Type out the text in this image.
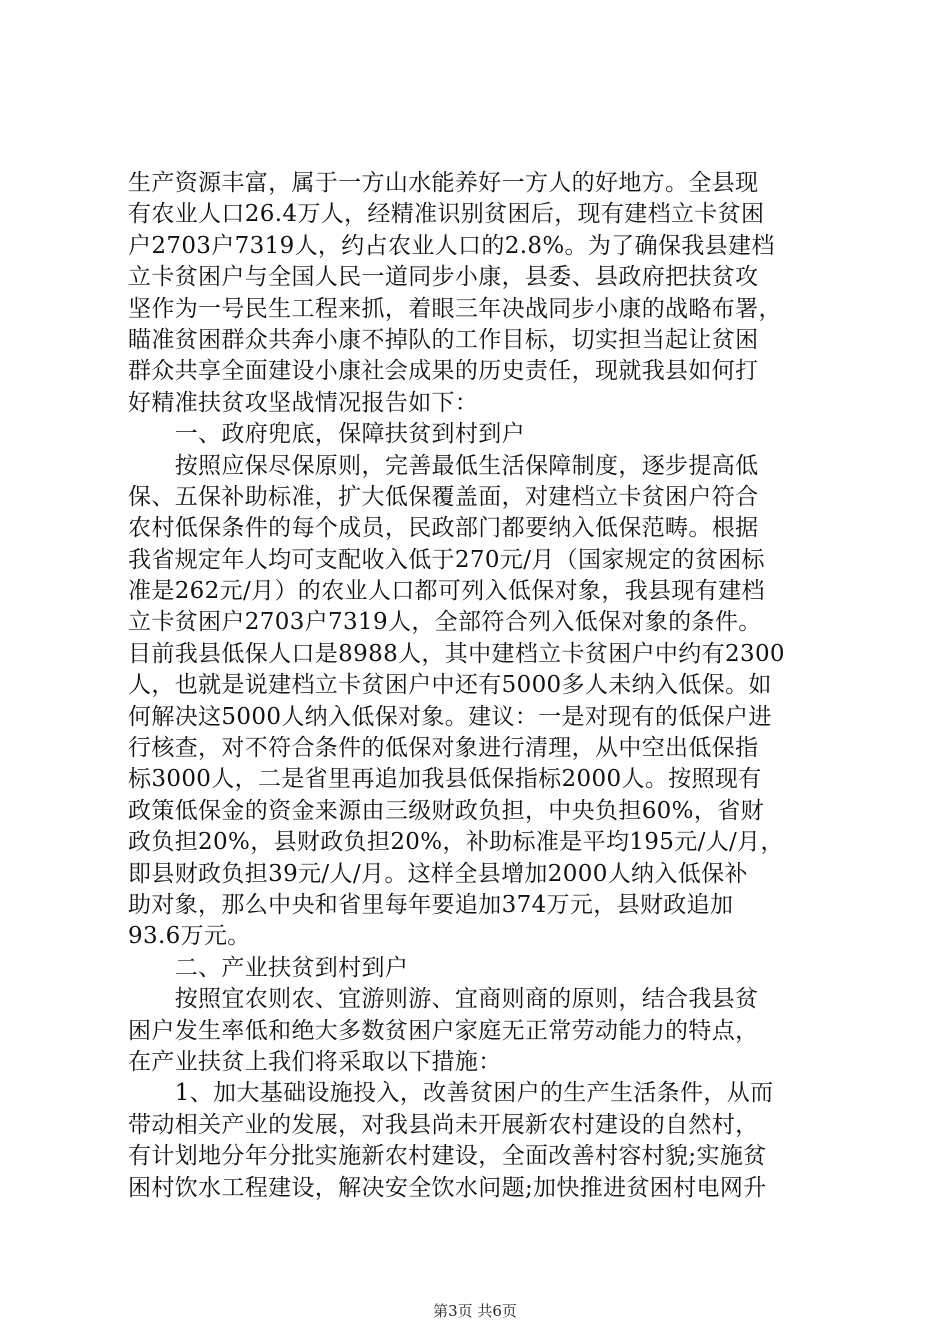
生产资源丰富，属于一方山水能养好一方人的好地方。全县现
有农业人口26.4万人，经精准识别贫困后，现有建档立卡贫困
户2703户7319人，约占农业人口的2.8%。为了确保我县建档
立卡贫困户与全国人民一道同步小康，县委、县政府把扶贫攻
坚作为一号民生工程来抓，着眼三年决战同步小康的战略布署，
瞄准贫困群众共奔小康不掉队的工作目标，切实担当起让贫困
群众共享全面建设小康社会成果的历史责任，现就我县如何打
好精准扶贫攻坚战情况报告如下：
　　一、政府兜底，保障扶贫到村到户
　　按照应保尽保原则，完善最低生活保障制度，逐步提高低
保、五保补助标准，扩大低保覆盖面，对建档立卡贫困户符合
农村低保条件的每个成员，民政部门都要纳入低保范畴。根据
我省规定年人均可支配收入低于270元/月（国家规定的贫困标
准是262元/月）的农业人口都可列入低保对象，我县现有建档
立卡贫困户2703户7319人，全部符合列入低保对象的条件。
目前我县低保人口是8988人，其中建档立卡贫困户中约有2300
人，也就是说建档立卡贫困户中还有5000多人未纳入低保。如
何解决这5000人纳入低保对象。建议：一是对现有的低保户进
行核查，对不符合条件的低保对象进行清理，从中空出低保指
标3000人，二是省里再追加我县低保指标2000人。按照现有
政策低保金的资金来源由三级财政负担，中央负担60%，省财
政负担20%，县财政负担20%，补助标准是平均195元/人/月，
即县财政负担39元/人/月。这样全县增加2000人纳入低保补
助对象，那么中央和省里每年要追加374万元，县财政追加
93.6万元。
　　二、产业扶贫到村到户
　　按照宜农则农、宜游则游、宜商则商的原则，结合我县贫
困户发生率低和绝大多数贫困户家庭无正常劳动能力的特点，
在产业扶贫上我们将采取以下措施：
　　1、加大基础设施投入，改善贫困户的生产生活条件，从而
带动相关产业的发展，对我县尚未开展新农村建设的自然村，
有计划地分年分批实施新农村建设，全面改善村容村貌;实施贫
困村饮水工程建设，解决安全饮水问题;加快推进贫困村电网升
第3页 共6页
